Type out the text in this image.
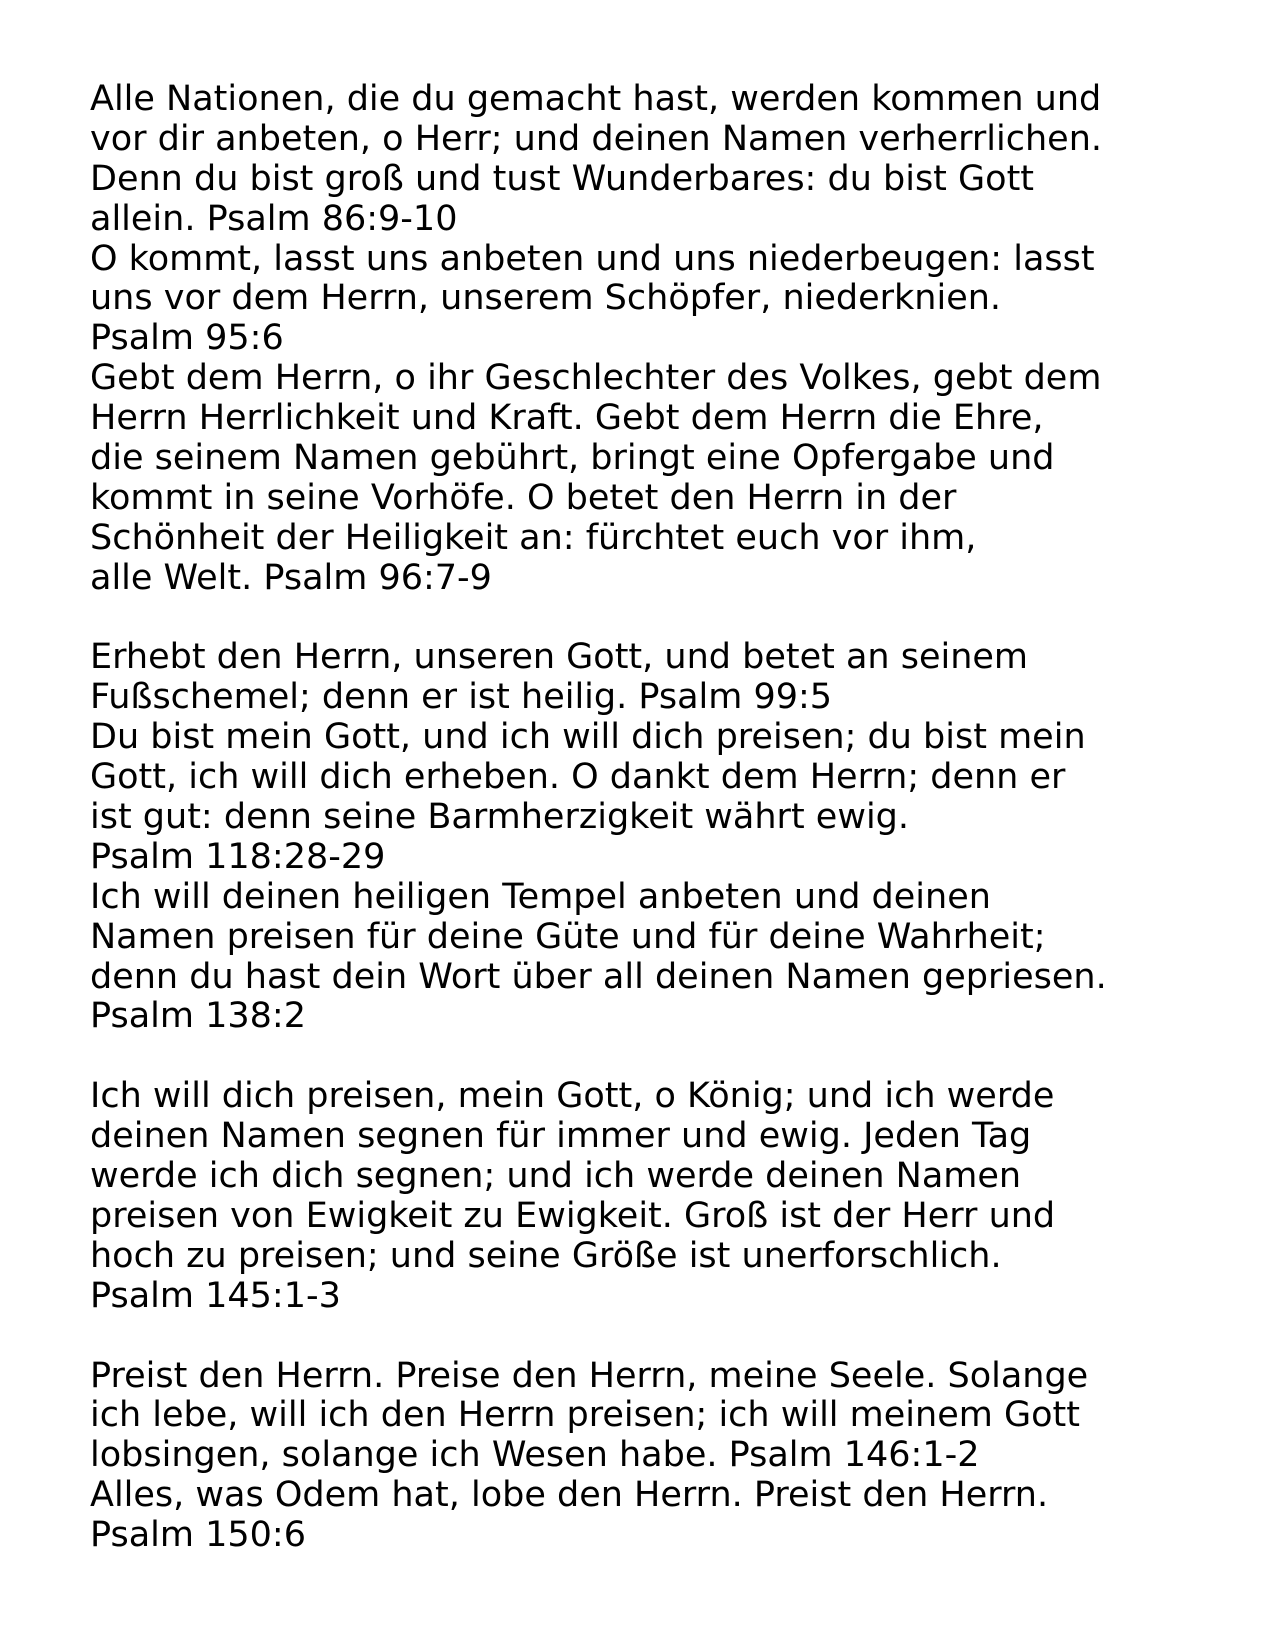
Alle Nationen, die du gemacht hast, werden kommen und
vor dir anbeten, o Herr; und deinen Namen verherrlichen.
Denn du bist groß und tust Wunderbares: du bist Gott
allein. Psalm 86:9-10
O kommt, lasst uns anbeten und uns niederbeugen: lasst
uns vor dem Herrn, unserem Schöpfer, niederknien.
Psalm 95:6
Gebt dem Herrn, o ihr Geschlechter des Volkes, gebt dem
Herrn Herrlichkeit und Kraft. Gebt dem Herrn die Ehre,
die seinem Namen gebührt, bringt eine Opfergabe und
kommt in seine Vorhöfe. O betet den Herrn in der
Schönheit der Heiligkeit an: fürchtet euch vor ihm,
alle Welt. Psalm 96:7-9
Erhebt den Herrn, unseren Gott, und betet an seinem
Fußschemel; denn er ist heilig. Psalm 99:5
Du bist mein Gott, und ich will dich preisen; du bist mein
Gott, ich will dich erheben. O dankt dem Herrn; denn er
ist gut: denn seine Barmherzigkeit währt ewig.
Psalm 118:28-29
Ich will deinen heiligen Tempel anbeten und deinen
Namen preisen für deine Güte und für deine Wahrheit;
denn du hast dein Wort über all deinen Namen gepriesen.
Psalm 138:2
Ich will dich preisen, mein Gott, o König; und ich werde
deinen Namen segnen für immer und ewig. Jeden Tag
werde ich dich segnen; und ich werde deinen Namen
preisen von Ewigkeit zu Ewigkeit. Groß ist der Herr und
hoch zu preisen; und seine Größe ist unerforschlich.
Psalm 145:1-3
Preist den Herrn. Preise den Herrn, meine Seele. Solange
ich lebe, will ich den Herrn preisen; ich will meinem Gott
lobsingen, solange ich Wesen habe. Psalm 146:1-2
Alles, was Odem hat, lobe den Herrn. Preist den Herrn.
Psalm 150:6
